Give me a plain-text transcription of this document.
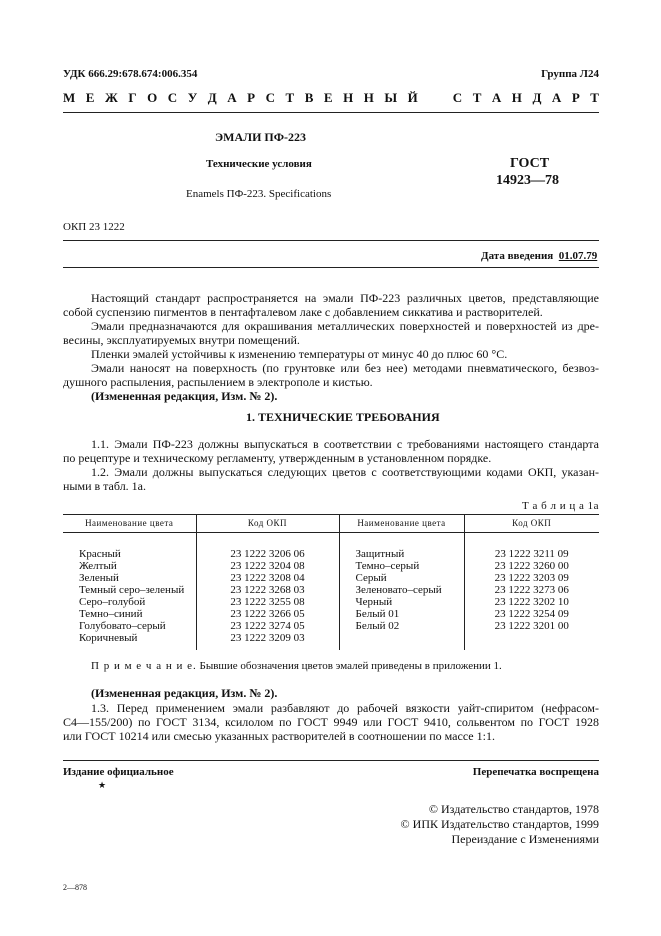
УДК 666.29:678.674:006.354	Группа Л24
М Е Ж Г О С У Д А Р С Т В Е Н Н Ы Й	С Т А Н Д А Р Т
ЭМАЛИ ПФ-223
Технические условия
Enamels ПФ-223. Specifications
ГОСТ
14923—78
ОКП 23 1222
Дата введения 01.07.79
Настоящий стандарт распространяется на эмали ПФ-223 различных цветов, представляющие
собой суспензию пигментов в пентафталевом лаке с добавлением сиккатива и растворителей.
Эмали предназначаются для окрашивания металлических поверхностей и поверхностей из дре-
весины, эксплуатируемых внутри помещений.
Пленки эмалей устойчивы к изменению температуры от минус 40 до плюс 60 °С.
Эмали наносят на поверхность (по грунтовке или без нее) методами пневматического, безвоз-
душного распыления, распылением в электрополе и кистью.
(Измененная редакция, Изм. № 2).
1. ТЕХНИЧЕСКИЕ ТРЕБОВАНИЯ
1.1. Эмали ПФ-223 должны выпускаться в соответствии с требованиями настоящего стандарта
по рецептуре и техническому регламенту, утвержденным в установленном порядке.
1.2. Эмали должны выпускаться следующих цветов с соответствующими кодами ОКП, указан-
ными в табл. 1а.
Т а б л и ц а 1а
Наименование цвета	Код ОКП	Наименование цвета	Код ОКП
Красный	23 1222 3206 06	Защитный	23 1222 3211 09
Желтый	23 1222 3204 08	Темно–серый	23 1222 3260 00
Зеленый	23 1222 3208 04	Серый	23 1222 3203 09
Темный серо–зеленый	23 1222 3268 03	Зеленовато–серый	23 1222 3273 06
Серо–голубой	23 1222 3255 08	Черный	23 1222 3202 10
Темно–синий	23 1222 3266 05	Белый 01	23 1222 3254 09
Голубовато–серый	23 1222 3274 05	Белый 02	23 1222 3201 00
Коричневый	23 1222 3209 03		
П р и м е ч а н и е. Бывшие обозначения цветов эмалей приведены в приложении 1.
(Измененная редакция, Изм. № 2).
1.3. Перед применением эмали разбавляют до рабочей вязкости уайт-спиритом (нефрасом-
С4—155/200) по ГОСТ 3134, ксилолом по ГОСТ 9949 или ГОСТ 9410, сольвентом по ГОСТ 1928
или ГОСТ 10214 или смесью указанных растворителей в соотношении по массе 1:1.
Издание официальное
★
Перепечатка воспрещена
© Издательство стандартов, 1978
© ИПК Издательство стандартов, 1999
Переиздание с Изменениями
2—878
